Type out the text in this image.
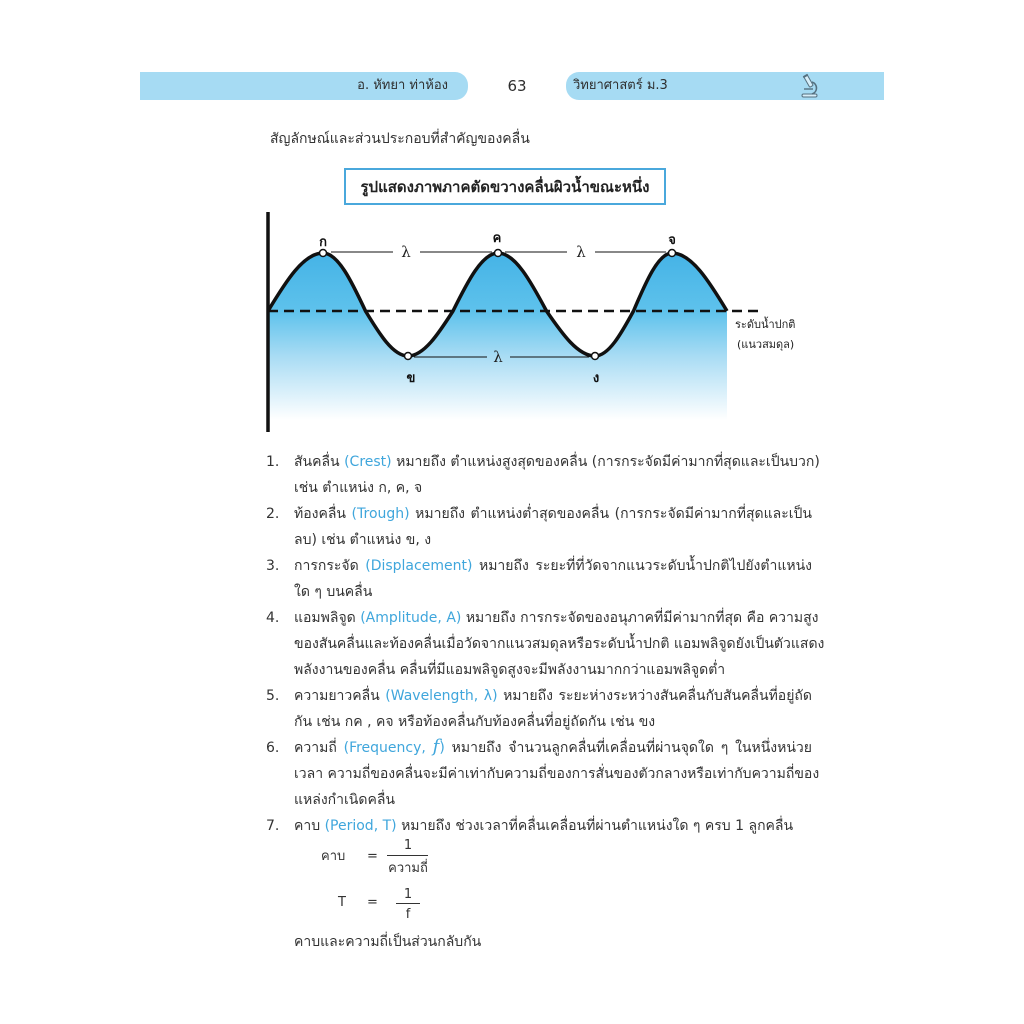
อ. หัทยา ท่าห้อง	63	วิทยาศาสตร์ ม.3
สัญลักษณ์และส่วนประกอบที่สำคัญของคลื่น
รูปแสดงภาพภาคตัดขวางคลื่นผิวน้ำขณะหนึ่ง
λ	λ
λ
ก
ข
ค
ง
จ
ระดับน้ำปกติ
(แนวสมดุล)
1. สันคลื่น (Crest) หมายถึง ตำแหน่งสูงสุดของคลื่น (การกระจัดมีค่ามากที่สุดและเป็นบวก)
เช่น ตำแหน่ง ก, ค, จ
2. ท้องคลื่น (Trough) หมายถึง ตำแหน่งต่ำสุดของคลื่น (การกระจัดมีค่ามากที่สุดและเป็น
ลบ) เช่น ตำแหน่ง ข, ง
3. การกระจัด (Displacement) หมายถึง ระยะที่ที่วัดจากแนวระดับน้ำปกติไปยังตำแหน่ง
ใด ๆ บนคลื่น
4. แอมพลิจูด (Amplitude, A) หมายถึง การกระจัดของอนุภาคที่มีค่ามากที่สุด คือ ความสูง
ของสันคลื่นและท้องคลื่นเมื่อวัดจากแนวสมดุลหรือระดับน้ำปกติ แอมพลิจูดยังเป็นตัวแสดง
พลังงานของคลื่น คลื่นที่มีแอมพลิจูดสูงจะมีพลังงานมากกว่าแอมพลิจูดต่ำ
5. ความยาวคลื่น (Wavelength, λ) หมายถึง ระยะห่างระหว่างสันคลื่นกับสันคลื่นที่อยู่ถัด
กัน เช่น กค , คจ หรือท้องคลื่นกับท้องคลื่นที่อยู่ถัดกัน เช่น ขง
6. ความถี่ (Frequency, f) หมายถึง จำนวนลูกคลื่นที่เคลื่อนที่ผ่านจุดใด ๆ ในหนึ่งหน่วย
เวลา ความถี่ของคลื่นจะมีค่าเท่ากับความถี่ของการสั่นของตัวกลางหรือเท่ากับความถี่ของ
แหล่งกำเนิดคลื่น
7. คาบ (Period, T) หมายถึง ช่วงเวลาที่คลื่นเคลื่อนที่ผ่านตำแหน่งใด ๆ ครบ 1 ลูกคลื่น
คาบ =
1
ความถี่
T =
1
f
คาบและความถี่เป็นส่วนกลับกัน
